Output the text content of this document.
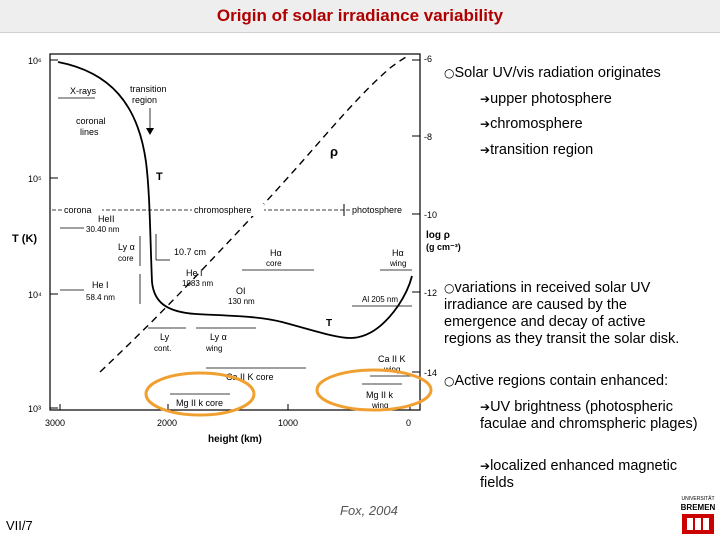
Origin of solar irradiance variability
10⁶
10⁵
10⁴
10³
T (K)
-6
-8
-10
-12
-14
log ρ
(g cm⁻³)
3000	2000	1000	0
height (km)
T
T
ρ
X-rays	transition
region
coronal
lines
corona	chromosphere	photosphere
HeII
30.40 nm
Ly α
core
10.7 cm	Hα
core
Hα
wing
He I
58.4 nm
He I
1083 nm
OI
130 nm	Al 205 nm
Ly
cont.
Ly α
wing
Ca II K core
Ca II K
wing
Mg II k core
Mg II k
wing
○Solar UV/vis radiation originates
➔upper photosphere
➔chromosphere
➔transition region
○variations in received solar UV irradiance are caused by the emergence and decay of active regions as they transit the solar disk.
○Active regions contain enhanced:
➔UV brightness (photospheric faculae and chromspheric plages)
➔localized enhanced magnetic fields
Fox, 2004
VII/7
UNIVERSITÄT
BREMEN
